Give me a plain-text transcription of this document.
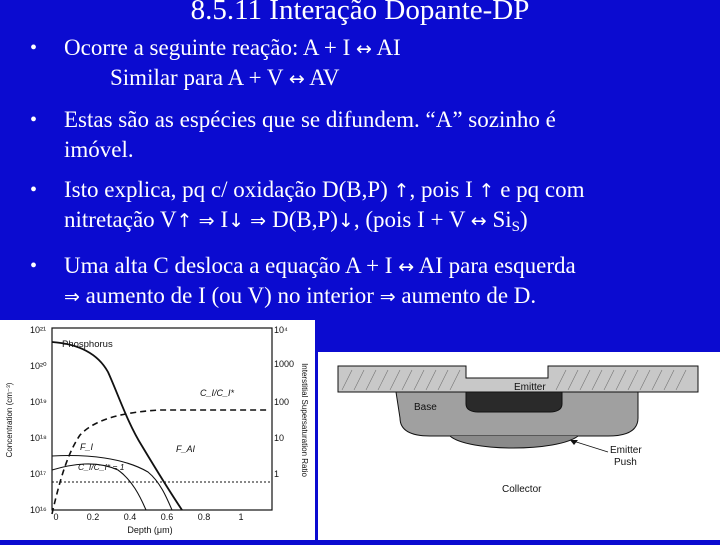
8.5.11 Interação Dopante-DP
• Ocorre a seguinte reação: A + I ↔ AI
Similar para A + V ↔ AV
• Estas são as espécies que se difundem. “A” sozinho é
imóvel.
• Isto explica, pq c/ oxidação D(B,P) ↑, pois I ↑ e pq com
nitretação V↑ ⇒ I↓ ⇒ D(B,P)↓, (pois I + V ↔ $Si_S$)
• Uma alta C desloca a equação A + I ↔ AI para esquerda
⇒ aumento de I (ou V) no interior ⇒ aumento de D.
10²¹
10²⁰
10¹⁹
10¹⁸
10¹⁷
10¹⁶
10⁴
1000
100
10
1
0	0.2	0.4	0.6	0.8	1
Depth (μm)
Concentration (cm⁻³)	Interstitial Supersaturation Ratio
Phosphorus
C_I/C_I*
F_I	F_AI
C_I/C_I* = 1
Emitter
Base
Emitter
Push
Collector
